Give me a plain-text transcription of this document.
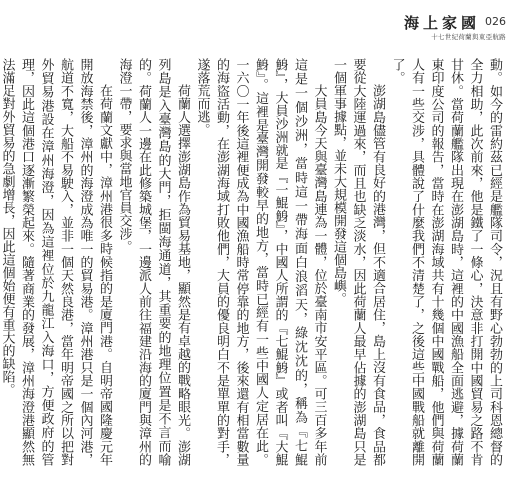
海上家國 026
十七世紀荷蘭與東亞航路

動。如今的雷約茲已經是艦隊司令，況且有野心勃勃的上司科恩總督的全力相助，此次前來，他是鐵了一條心，決意非打開中國貿易之路不肯甘休。當荷蘭艦隊出現在澎湖島時，這裡的中國漁船全面逃避，據荷蘭東印度公司的報告，當時在澎湖海域共有十幾個中國戰船，他們與荷蘭人有一些交涉，具體說了什麼我們不清楚了，之後這些中國戰船就離開了。

澎湖島儘管有良好的港灣，但不適合居住，島上沒有食品，食品都要從大陸運過來，而且也缺乏淡水，因此荷蘭人最早佔據的澎湖島只是一個軍事據點，並未大規模開發這個島嶼。

大員島今天與臺灣島連為一體，位於臺南市安平區。可三百多年前這是一個沙洲，當時這一帶海面白浪滔天，綠沈沈的，稱為『七鯤鯓』，大員沙洲就是『一鯤鯓』，中國人所謂的『七鯤鯓』或者叫『大鯤鯓』。這裡是臺灣開發較早的地方，當時已經有一些中國人定居在此。一六〇一年後這裡便成為中國漁船時常停靠的地方，後來還有相當數量的海盜活動，在澎湖海域打敗他們，大員的優良明白不是單單的對手，遂落荒而逃。

荷蘭人選擇澎湖島作為貿易基地，顯然是有卓越的戰略眼光。澎湖列島是入臺灣島的大門，拒閩海通道，其重要的地理位置是不言而喻的。荷蘭人一邊在此修築城堡，一邊派人前往福建沿海的廈門與漳州的海澄一帶，要求與當地官員交涉。

在荷蘭文獻中，漳州港很多時候指的是廈門港。自明帝國隆慶元年開放海禁後，漳州的海澄成為唯一的貿易港。漳州港只是一個內河港，航道不寬，大船不易駛入，並非一個天然良港，當年明帝國之所以把對外貿易港設在漳州海澄，因為這裡位於九龍江入海口，方便政府的管理，因此這個港口逐漸繁榮起來。隨著商業的發展，漳州海澄港顯然無法滿足對外貿易的急劇增長，因此這個始便有重大的缺陷。
